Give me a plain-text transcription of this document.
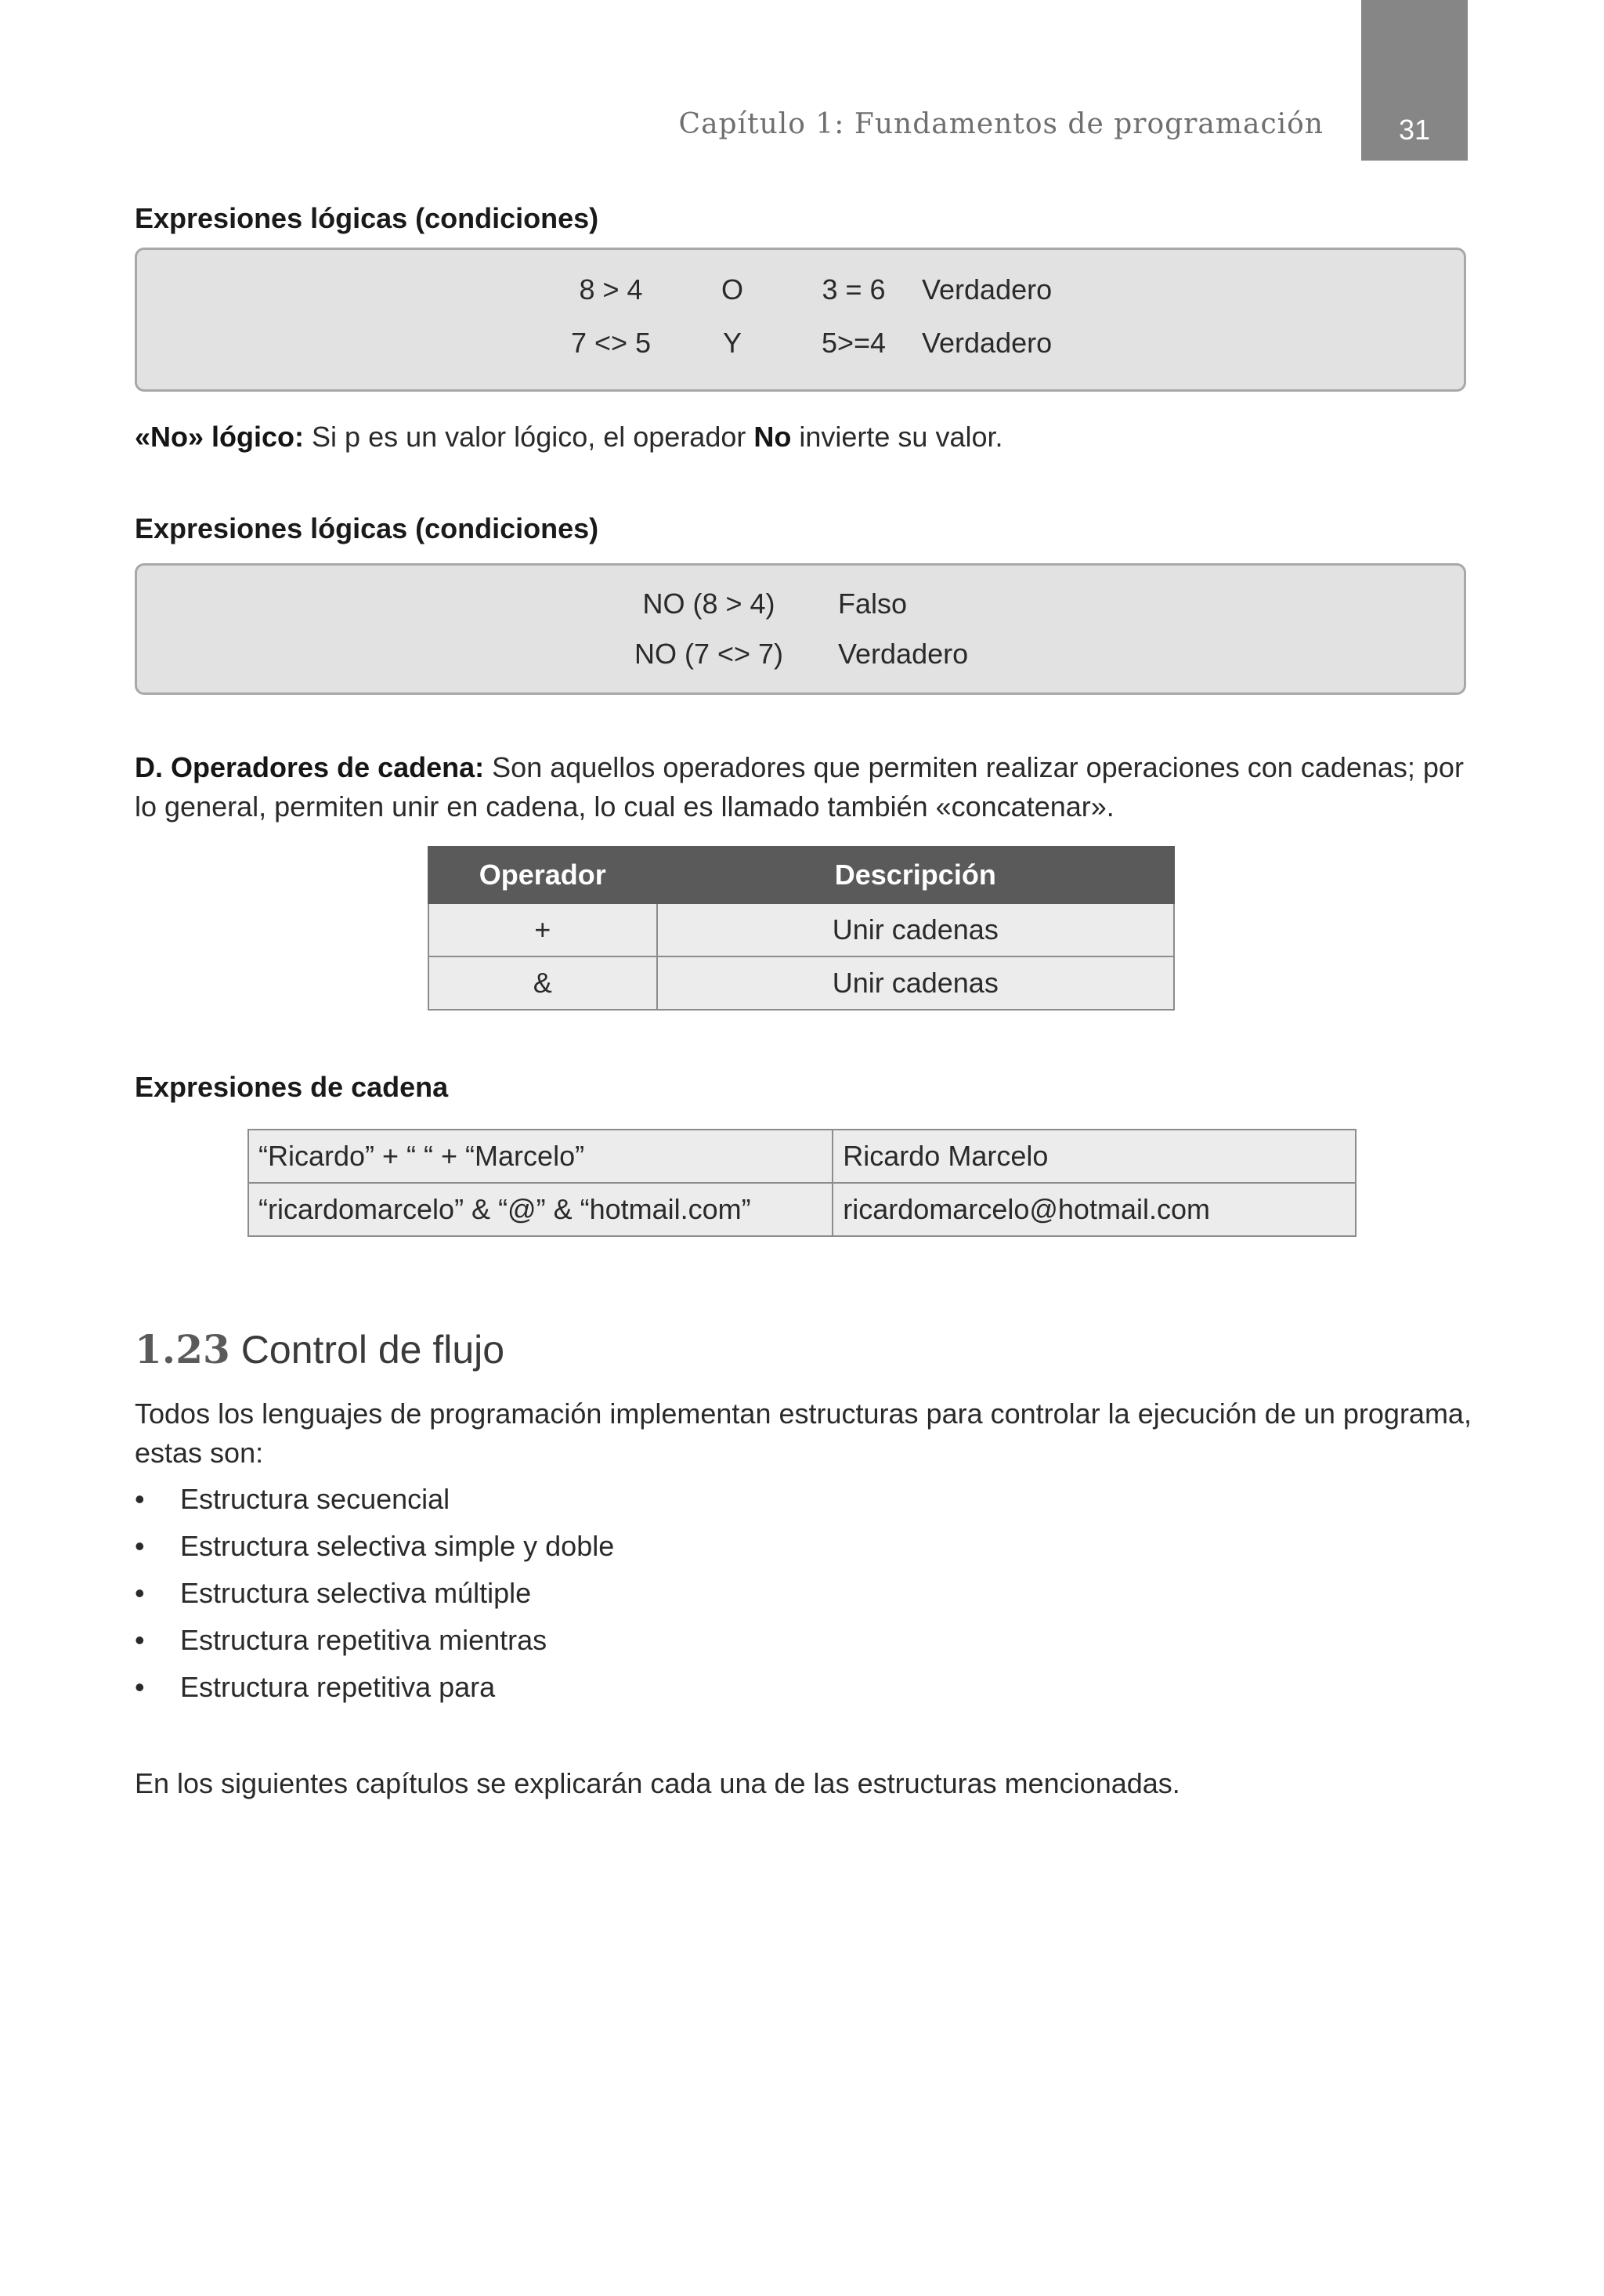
Capítulo 1: Fundamentos de programación	31
Expresiones lógicas (condiciones)
8 > 4	O	3 = 6	Verdadero
7 <> 5	Y	5>=4	Verdadero
«No» lógico: Si p es un valor lógico, el operador No invierte su valor.
Expresiones lógicas (condiciones)
NO (8 > 4)	Falso
NO (7 <> 7)	Verdadero
D. Operadores de cadena: Son aquellos operadores que permiten realizar operaciones con cadenas; por lo general, permiten unir en cadena, lo cual es llamado también «concatenar».
Operador	Descripción
+	Unir cadenas
&	Unir cadenas
Expresiones de cadena
“Ricardo” + “ “ + “Marcelo”	Ricardo Marcelo
“ricardomarcelo” & “@” & “hotmail.com”	ricardomarcelo@hotmail.com
1.23 Control de flujo
Todos los lenguajes de programación implementan estructuras para controlar la ejecución de un programa, estas son:
• Estructura secuencial
• Estructura selectiva simple y doble
• Estructura selectiva múltiple
• Estructura repetitiva mientras
• Estructura repetitiva para
En los siguientes capítulos se explicarán cada una de las estructuras mencionadas.
